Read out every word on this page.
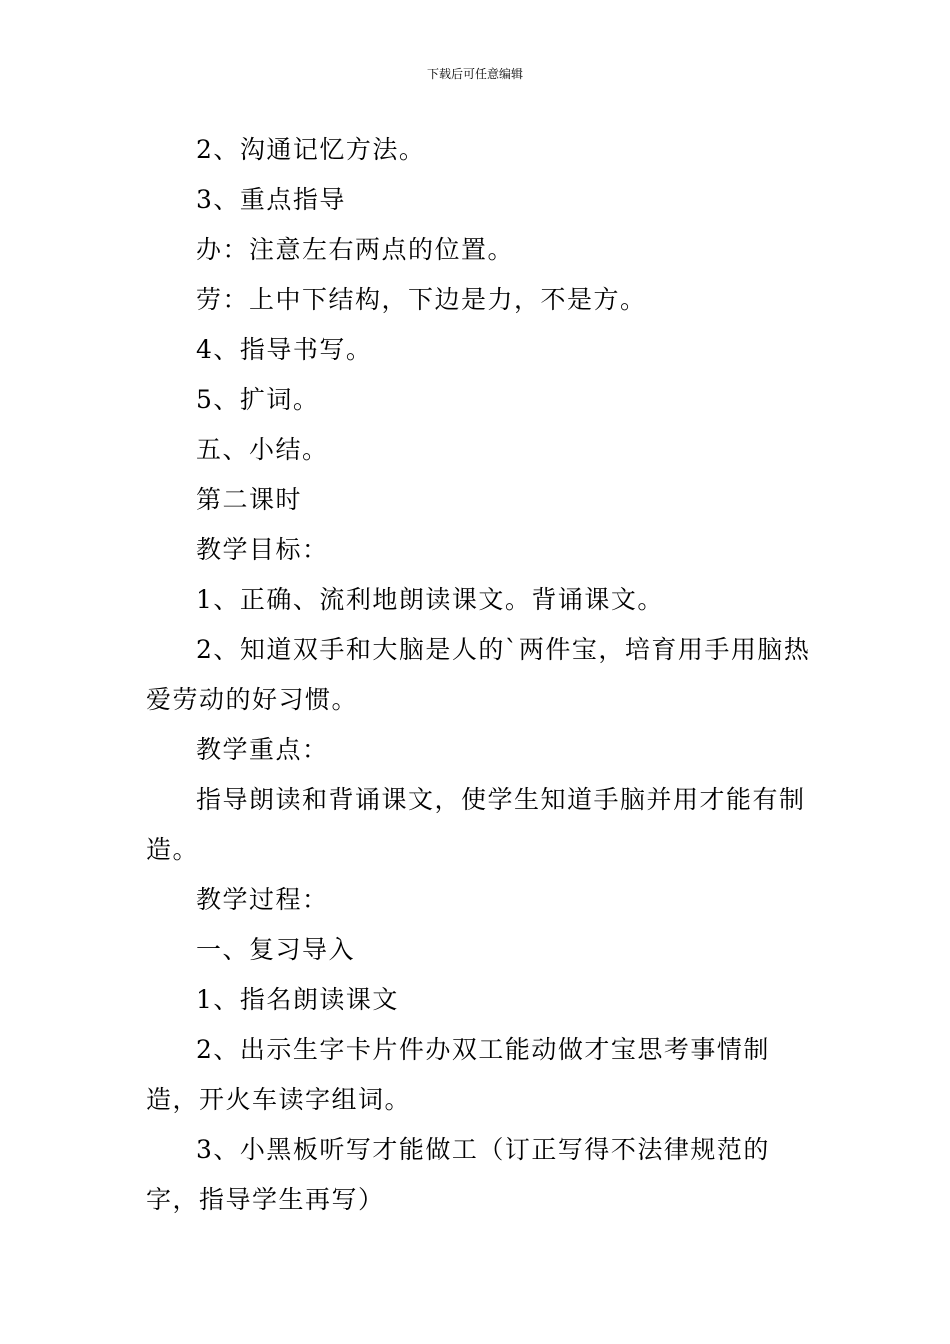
下载后可任意编辑

2、沟通记忆方法。

3、重点指导

办：注意左右两点的位置。

劳：上中下结构，下边是力，不是方。

4、指导书写。

5、扩词。

五、小结。

第二课时

教学目标：

1、正确、流利地朗读课文。背诵课文。

2、知道双手和大脑是人的`两件宝，培育用手用脑热爱劳动的好习惯。

教学重点：

指导朗读和背诵课文，使学生知道手脑并用才能有制造。

教学过程：

一、复习导入

1、指名朗读课文

2、出示生字卡片件办双工能动做才宝思考事情制造，开火车读字组词。

3、小黑板听写才能做工（订正写得不法律规范的字，指导学生再写）
